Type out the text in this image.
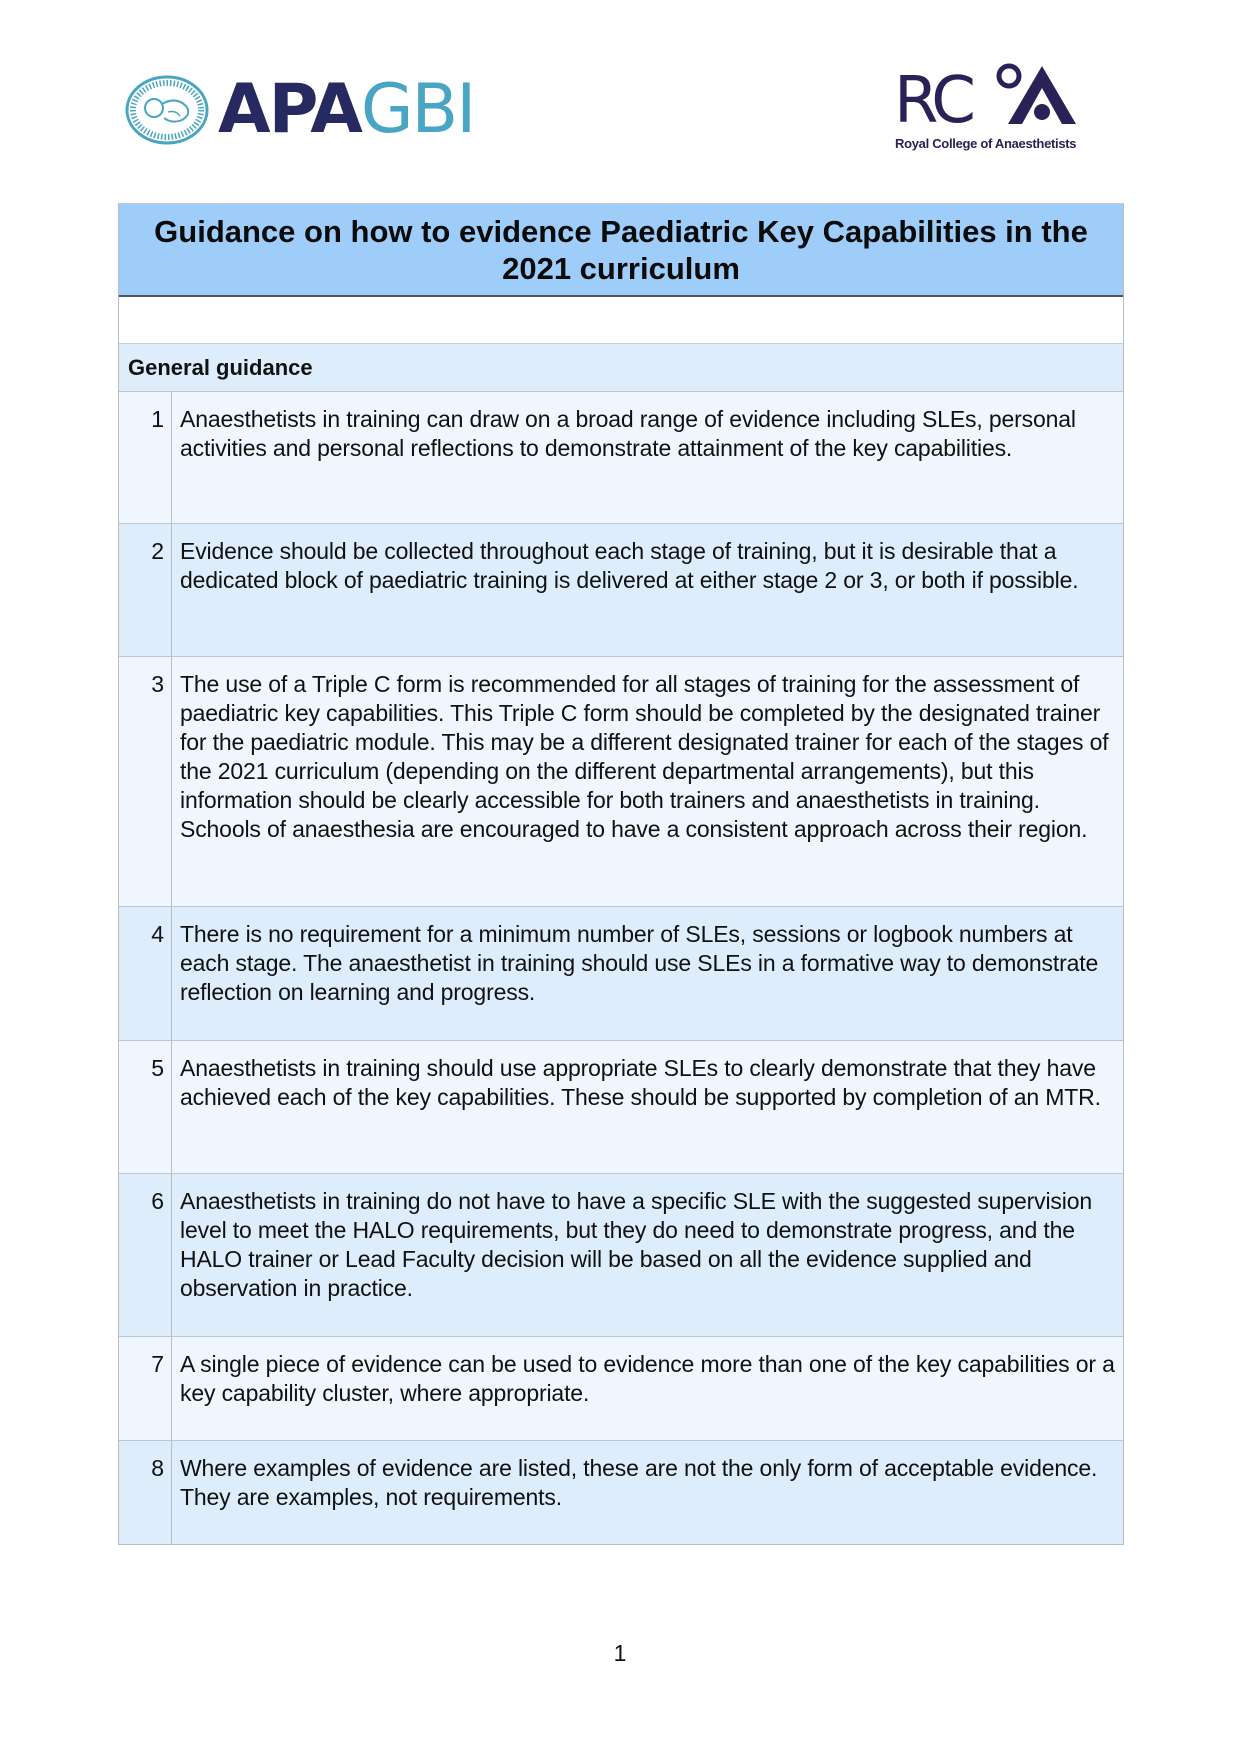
APAGBI	RC
Royal College of Anaesthetists
Guidance on how to evidence Paediatric Key Capabilities in the 2021 curriculum
General guidance
1 Anaesthetists in training can draw on a broad range of evidence including SLEs, personal activities and personal reflections to demonstrate attainment of the key capabilities.
2 Evidence should be collected throughout each stage of training, but it is desirable that a dedicated block of paediatric training is delivered at either stage 2 or 3, or both if possible.
3 The use of a Triple C form is recommended for all stages of training for the assessment of paediatric key capabilities. This Triple C form should be completed by the designated trainer for the paediatric module. This may be a different designated trainer for each of the stages of the 2021 curriculum (depending on the different departmental arrangements), but this information should be clearly accessible for both trainers and anaesthetists in training. Schools of anaesthesia are encouraged to have a consistent approach across their region.
4 There is no requirement for a minimum number of SLEs, sessions or logbook numbers at each stage. The anaesthetist in training should use SLEs in a formative way to demonstrate reflection on learning and progress.
5 Anaesthetists in training should use appropriate SLEs to clearly demonstrate that they have achieved each of the key capabilities. These should be supported by completion of an MTR.
6 Anaesthetists in training do not have to have a specific SLE with the suggested supervision level to meet the HALO requirements, but they do need to demonstrate progress, and the HALO trainer or Lead Faculty decision will be based on all the evidence supplied and observation in practice.
7 A single piece of evidence can be used to evidence more than one of the key capabilities or a key capability cluster, where appropriate.
8 Where examples of evidence are listed, these are not the only form of acceptable evidence. They are examples, not requirements.
1
